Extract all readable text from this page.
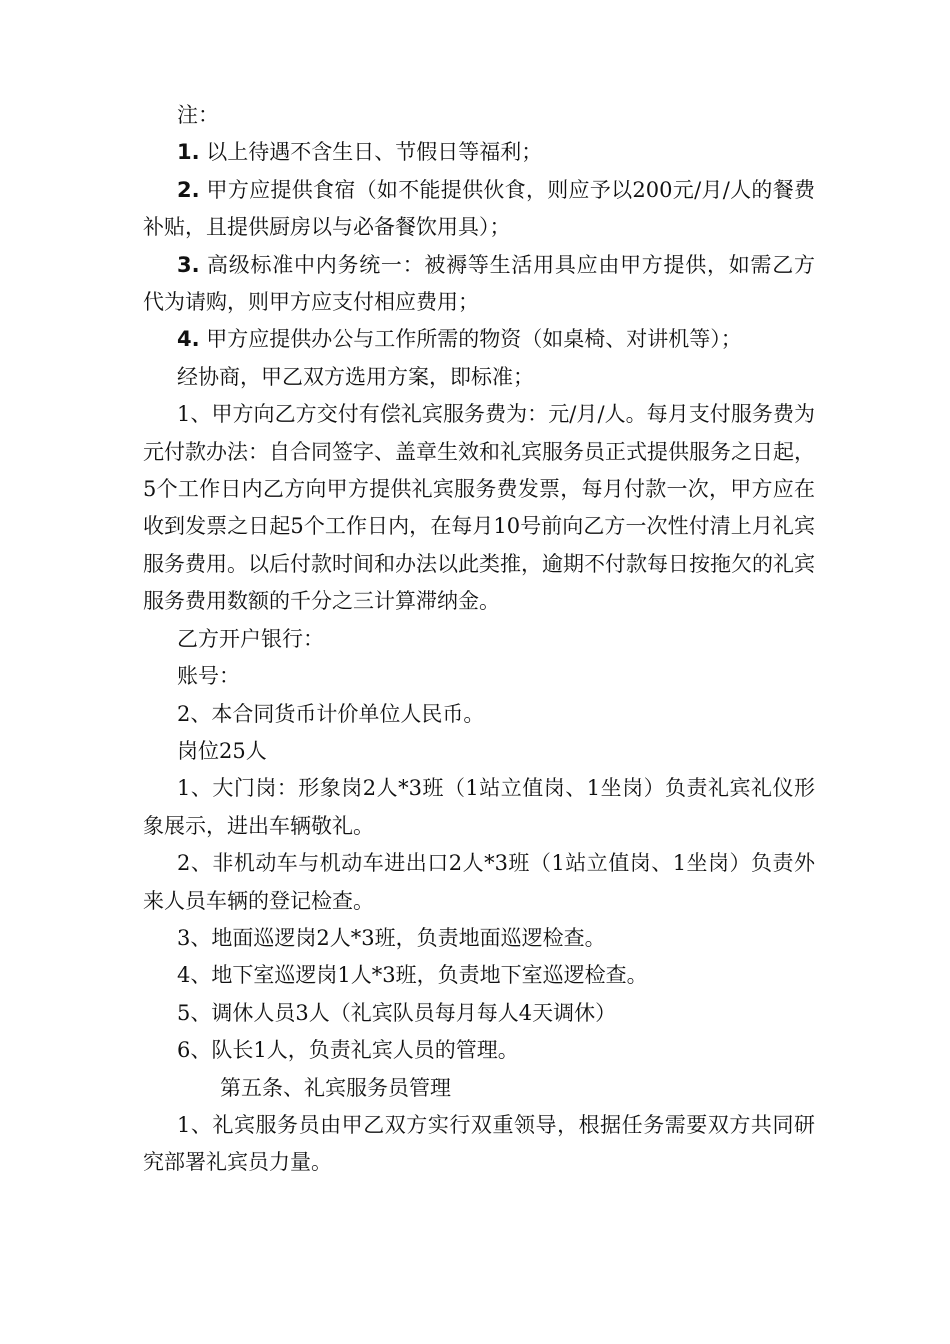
注：

1. 以上待遇不含生日、节假日等福利；

2. 甲方应提供食宿（如不能提供伙食，则应予以200元/月/人的餐费补贴，且提供厨房以与必备餐饮用具）；

3. 高级标准中内务统一：被褥等生活用具应由甲方提供，如需乙方代为请购，则甲方应支付相应费用；

4. 甲方应提供办公与工作所需的物资（如桌椅、对讲机等）；

经协商，甲乙双方选用方案，即标准；

1、甲方向乙方交付有偿礼宾服务费为：元/月/人。每月支付服务费为元付款办法：自合同签字、盖章生效和礼宾服务员正式提供服务之日起，5个工作日内乙方向甲方提供礼宾服务费发票，每月付款一次，甲方应在收到发票之日起5个工作日内，在每月10号前向乙方一次性付清上月礼宾服务费用。以后付款时间和办法以此类推，逾期不付款每日按拖欠的礼宾服务费用数额的千分之三计算滞纳金。

乙方开户银行：

账号：

2、本合同货币计价单位人民币。

岗位25人

1、大门岗：形象岗2人*3班（1站立值岗、1坐岗）负责礼宾礼仪形象展示，进出车辆敬礼。

2、非机动车与机动车进出口2人*3班（1站立值岗、1坐岗）负责外来人员车辆的登记检查。

3、地面巡逻岗2人*3班，负责地面巡逻检查。

4、地下室巡逻岗1人*3班，负责地下室巡逻检查。

5、调休人员3人（礼宾队员每月每人4天调休）

6、队长1人，负责礼宾人员的管理。

第五条、礼宾服务员管理

1、礼宾服务员由甲乙双方实行双重领导，根据任务需要双方共同研究部署礼宾员力量。
